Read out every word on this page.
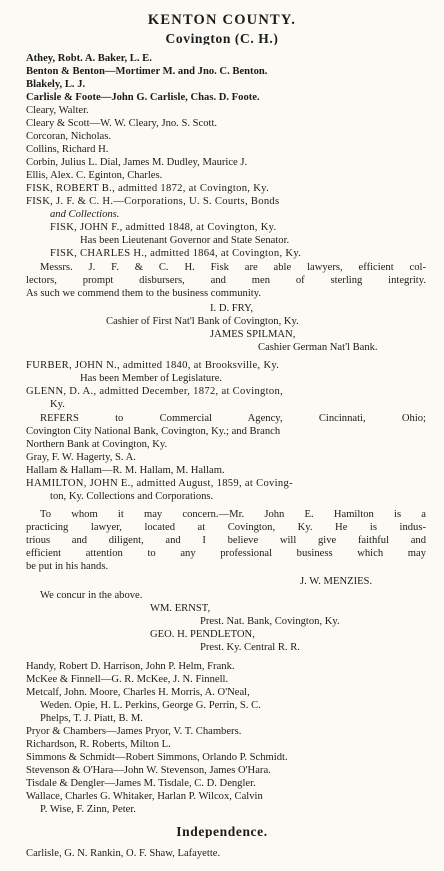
KENTON COUNTY.
Covington (C. H.)
Athey, Robt. A. Baker, L. E.
Benton & Benton—Mortimer M. and Jno. C. Benton.
Blakely, L. J.
Carlisle & Foote—John G. Carlisle, Chas. D. Foote.
Cleary, Walter.
Cleary & Scott—W. W. Cleary, Jno. S. Scott.
Corcoran, Nicholas.
Collins, Richard H.
Corbin, Julius L. Dial, James M. Dudley, Maurice J.
Ellis, Alex. C. Eginton, Charles.
FISK, ROBERT B., admitted 1872, at Covington, Ky.
FISK, J. F. & C. H.—Corporations, U. S. Courts, Bonds
and Collections.
FISK, JOHN F., admitted 1848, at Covington, Ky.
Has been Lieutenant Governor and State Senator.
FISK, CHARLES H., admitted 1864, at Covington, Ky.
Messrs. J. F. & C. H. Fisk are able lawyers, efficient col-
lectors, prompt disbursers, and men of sterling integrity.
As such we commend them to the business community.
I. D. FRY,
Cashier of First Nat'l Bank of Covington, Ky.
JAMES SPILMAN,
Cashier German Nat'l Bank.
FURBER, JOHN N., admitted 1840, at Brooksville, Ky.
Has been Member of Legislature.
GLENN, D. A., admitted December, 1872, at Covington,
Ky.
REFERS to Commercial Agency, Cincinnati, Ohio;
Covington City National Bank, Covington, Ky.; and Branch
Northern Bank at Covington, Ky.
Gray, F. W. Hagerty, S. A.
Hallam & Hallam—R. M. Hallam, M. Hallam.
HAMILTON, JOHN E., admitted August, 1859, at Coving-
ton, Ky. Collections and Corporations.
To whom it may concern.—Mr. John E. Hamilton is a
practicing lawyer, located at Covington, Ky. He is indus-
trious and diligent, and I believe will give faithful and
efficient attention to any professional business which may
be put in his hands.
J. W. MENZIES.
We concur in the above.
WM. ERNST,
Prest. Nat. Bank, Covington, Ky.
GEO. H. PENDLETON,
Prest. Ky. Central R. R.
Handy, Robert D. Harrison, John P. Helm, Frank.
McKee & Finnell—G. R. McKee, J. N. Finnell.
Metcalf, John. Moore, Charles H. Morris, A. O'Neal,
Weden. Opie, H. L. Perkins, George G. Perrin, S. C.
Phelps, T. J. Piatt, B. M.
Pryor & Chambers—James Pryor, V. T. Chambers.
Richardson, R. Roberts, Milton L.
Simmons & Schmidt—Robert Simmons, Orlando P. Schmidt.
Stevenson & O'Hara—John W. Stevenson, James O'Hara.
Tisdale & Dengler—James M. Tisdale, C. D. Dengler.
Wallace, Charles G. Whitaker, Harlan P. Wilcox, Calvin
P. Wise, F. Zinn, Peter.
Independence.
Carlisle, G. N. Rankin, O. F. Shaw, Lafayette.
